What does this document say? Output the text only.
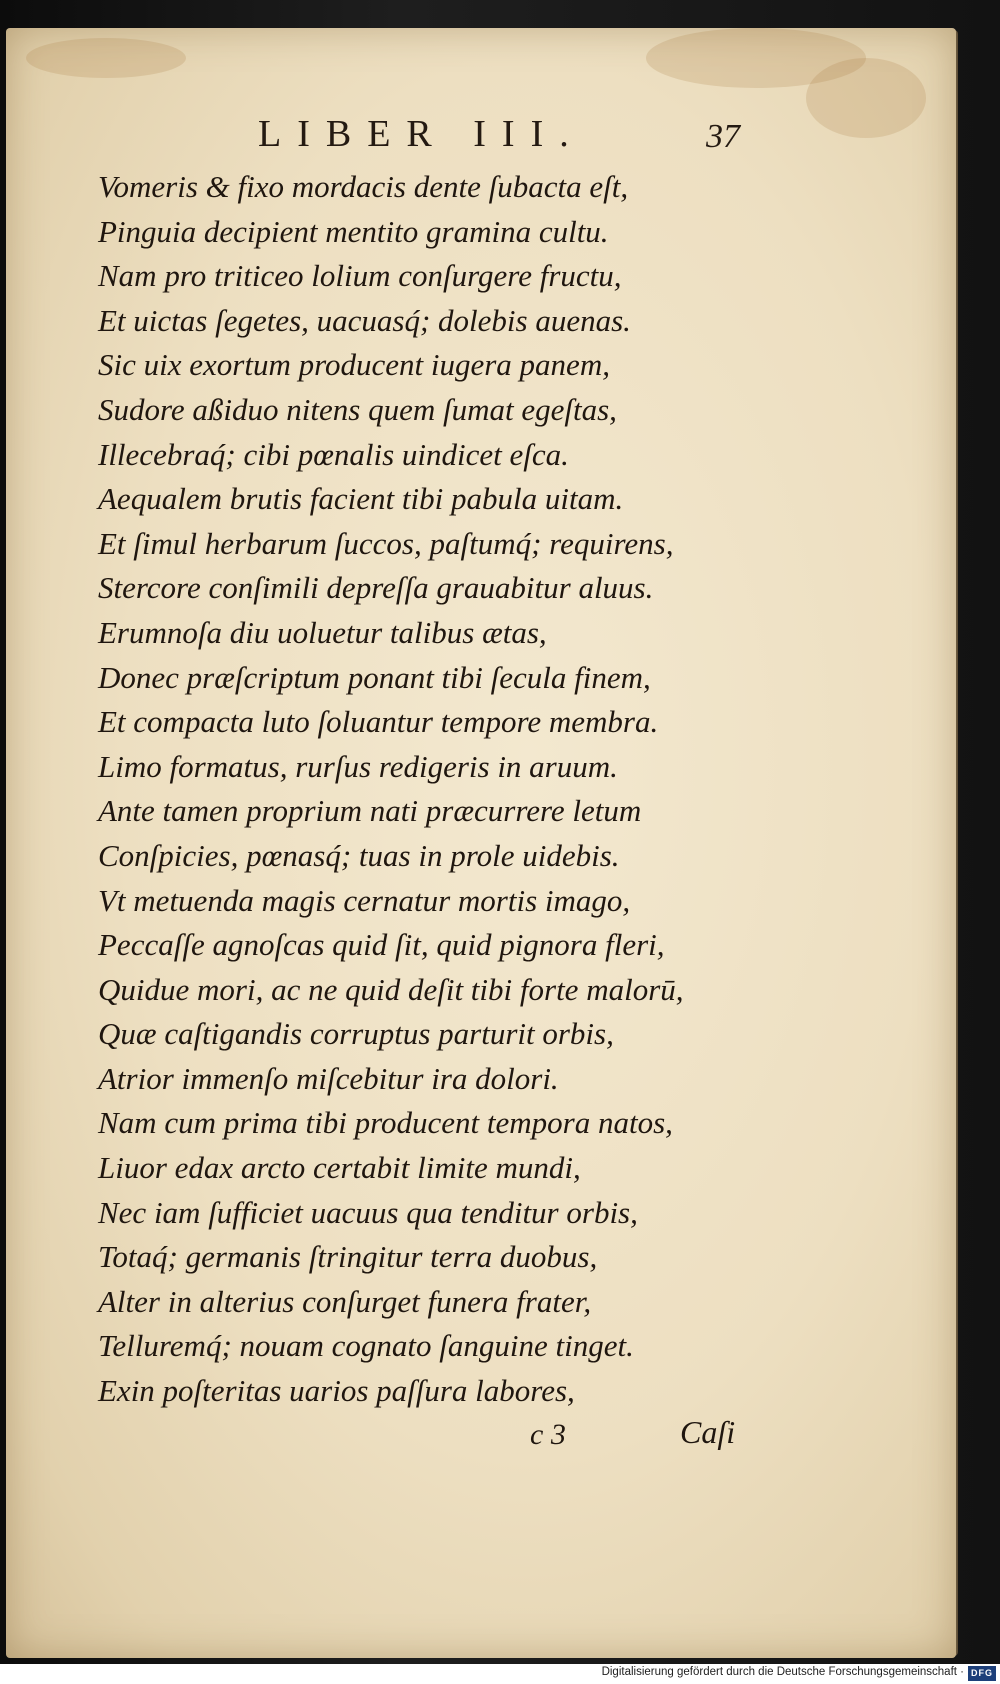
LIBER III.	37
Vomeris & fixo mordacis dente ſubacta eſt,
Pinguia decipient mentito gramina cultu.
Nam pro triticeo lolium conſurgere fructu,
Et uictas ſegetes, uacuasq́; dolebis auenas.
Sic uix exortum producent iugera panem,
Sudore aßiduo nitens quem ſumat egeſtas,
Illecebraq́; cibi pœnalis uindicet eſca.
Aequalem brutis facient tibi pabula uitam.
Et ſimul herbarum ſuccos, paſtumq́; requirens,
Stercore conſimili depreſſa grauabitur aluus.
Erumnoſa diu uoluetur talibus ætas,
Donec præſcriptum ponant tibi ſecula finem,
Et compacta luto ſoluantur tempore membra.
Limo formatus, rurſus redigeris in aruum.
Ante tamen proprium nati præcurrere letum
Conſpicies, pœnasq́; tuas in prole uidebis.
Vt metuenda magis cernatur mortis imago,
Peccaſſe agnoſcas quid ſit, quid pignora fleri,
Quidue mori, ac ne quid deſit tibi forte malorū,
Quæ caſtigandis corruptus parturit orbis,
Atrior immenſo miſcebitur ira dolori.
Nam cum prima tibi producent tempora natos,
Liuor edax arcto certabit limite mundi,
Nec iam ſufficiet uacuus qua tenditur orbis,
Totaq́; germanis ſtringitur terra duobus,
Alter in alterius conſurget funera frater,
Telluremq́; nouam cognato ſanguine tinget.
Exin poſteritas uarios paſſura labores,
c 3	Caſi
Digitalisierung gefördert durch die Deutsche Forschungsgemeinschaft · DFG
